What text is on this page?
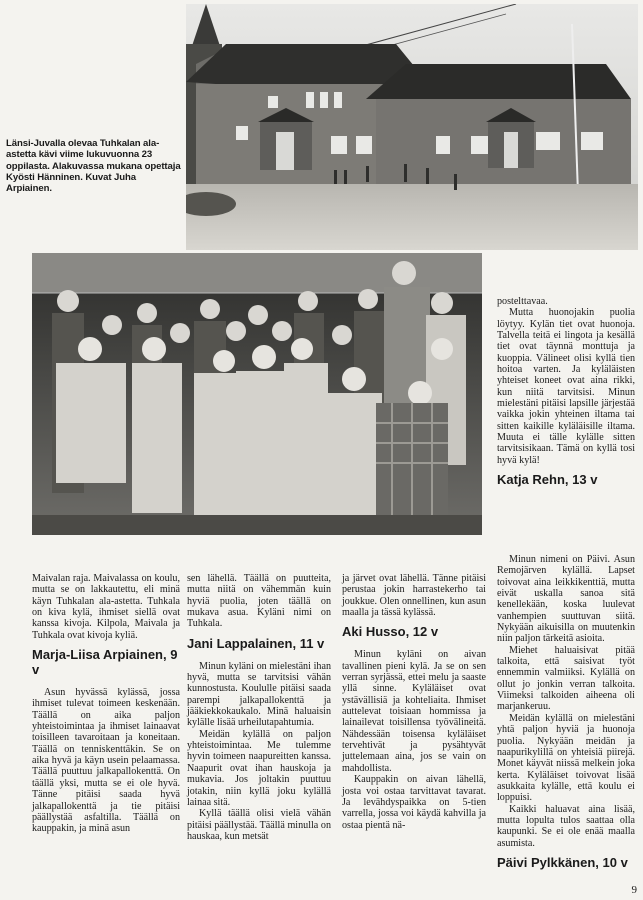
Länsi-Juvalla olevaa Tuhkalan ala-astetta kävi viime lukuvuonna 23 oppilasta. Alakuvassa mukana opettaja Kyösti Hänninen. Kuvat Juha Arpiainen.

postelttavaa.

Mutta huonojakin puolia löytyy. Kylän tiet ovat huonoja. Talvella teitä ei lingota ja kesällä tiet ovat täynnä monttuja ja kuoppia. Välineet olisi kyllä tien hoitoa varten. Ja kyläläisten yhteiset koneet ovat aina rikki, kun niitä tarvitsisi. Minun mielestäni pitäisi lapsille järjestää vaikka jokin yhteinen iltama tai sitten kaikille kyläläisille iltama. Muuta ei tälle kylälle sitten tarvitsisikaan. Tämä on kyllä tosi hyvä kylä!

Katja Rehn, 13 v

Maivalan raja. Maivalassa on koulu, mutta se on lakkautettu, eli minä käyn Tuhkalan ala-astetta. Tuhkala on kiva kylä, ihmiset siellä ovat kanssa kivoja. Kilpola, Maivala ja Tuhkala ovat kivoja kyliä.

Marja-Liisa Arpiainen, 9 v

Asun hyvässä kylässä, jossa ihmiset tulevat toimeen keskenään. Täällä on aika paljon yhteistoimintaa ja ihmiset lainaavat toisilleen tavaroitaan ja koneitaan. Täällä on tenniskenttäkin. Se on aika hyvä ja käyn usein pelaamassa. Täällä puuttuu jalkapallokenttä. On täällä yksi, mutta se ei ole hyvä. Tänne pitäisi saada hyvä jalkapallokenttä ja tie pitäisi päällystää asfaltilla. Täällä on kauppakin, ja minä asun

sen lähellä. Täällä on puutteita, mutta niitä on vähemmän kuin hyviä puolia, joten täällä on mukava asua. Kyläni nimi on Tuhkala.

Jani Lappalainen, 11 v

Minun kyläni on mielestäni ihan hyvä, mutta se tarvitsisi vähän kunnostusta. Koululle pitäisi saada parempi jalkapallokenttä ja jääkiekkokaukalo. Minä haluaisin kylälle lisää urheilutapahtumia.

Meidän kylällä on paljon yhteistoimintaa. Me tulemme hyvin toimeen naapureitten kanssa. Naapurit ovat ihan hauskoja ja mukavia. Jos joltakin puuttuu jotakin, niin kyllä joku kylällä lainaa sitä.

Kyllä täällä olisi vielä vähän pitäisi päällystää. Täällä minulla on hauskaa, kun metsät

ja järvet ovat lähellä. Tänne pitäisi perustaa jokin harrastekerho tai joukkue. Olen onnellinen, kun asun maalla ja tässä kylässä.

Aki Husso, 12 v

Minun kyläni on aivan tavallinen pieni kylä. Ja se on sen verran syrjässä, ettei melu ja saaste yllä sinne. Kyläläiset ovat ystävällisiä ja kohteliaita. Ihmiset auttelevat toisiaan hommissa ja lainailevat toisillensa työvälineitä. Nähdessään toisensa kyläläiset tervehtivät ja pysähtyvät juttelemaan aina, jos se vain on mahdollista.

Kauppakin on aivan lähellä, josta voi ostaa tarvittavat tavarat. Ja levähdyspaikka on 5-tien varrella, jossa voi käydä kahvilla ja ostaa pientä nä-

Minun nimeni on Päivi. Asun Remojärven kylällä. Lapset toivovat aina leikkikenttiä, mutta eivät uskalla sanoa sitä kenellekään, koska luulevat vanhempien suuttuvan siitä. Nykyään aikuisilla on muutenkin niin paljon tärkeitä asioita.

Miehet haluaisivat pitää talkoita, että saisivat työt ennemmin valmiiksi. Kylällä on ollut jo jonkin verran talkoita. Viimeksi talkoiden aiheena oli marjankeruu.

Meidän kylällä on mielestäni yhtä paljon hyviä ja huonoja puolia. Nykyään meidän ja naapurikylillä on yhteisiä piirejä. Monet käyvät niissä melkein joka kerta. Kyläläiset toivovat lisää asukkaita kylälle, että koulu ei loppuisi.

Kaikki haluavat aina lisää, mutta lopulta tulos saattaa olla kaupunki. Se ei ole enää maalla asumista.

Päivi Pylkkänen, 10 v
9
